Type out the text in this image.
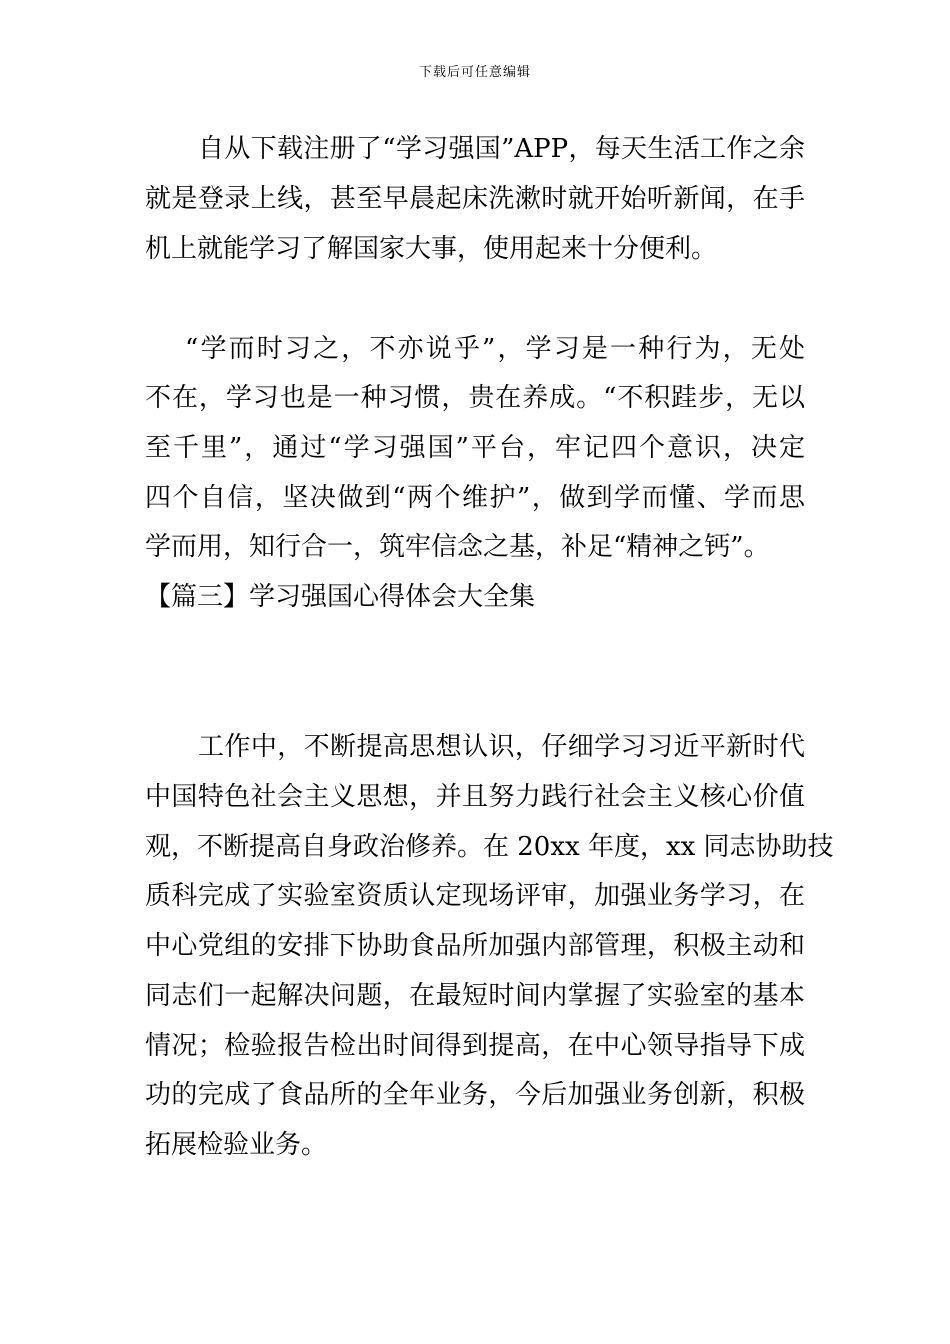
下载后可任意编辑
自从下载注册了“学习强国”APP，每天生活工作之余
就是登录上线，甚至早晨起床洗漱时就开始听新闻，在手
机上就能学习了解国家大事，使用起来十分便利。
“学而时习之，不亦说乎”，学习是一种行为，无处
不在，学习也是一种习惯，贵在养成。“不积跬步，无以
至千里”，通过“学习强国”平台，牢记四个意识，决定
四个自信，坚决做到“两个维护”，做到学而懂、学而思
学而用，知行合一，筑牢信念之基，补足“精神之钙”。
【篇三】学习强国心得体会大全集
工作中，不断提高思想认识，仔细学习习近平新时代
中国特色社会主义思想，并且努力践行社会主义核心价值
观，不断提高自身政治修养。在 20xx 年度，xx 同志协助技
质科完成了实验室资质认定现场评审，加强业务学习，在
中心党组的安排下协助食品所加强内部管理，积极主动和
同志们一起解决问题，在最短时间内掌握了实验室的基本
情况；检验报告检出时间得到提高，在中心领导指导下成
功的完成了食品所的全年业务，今后加强业务创新，积极
拓展检验业务。
